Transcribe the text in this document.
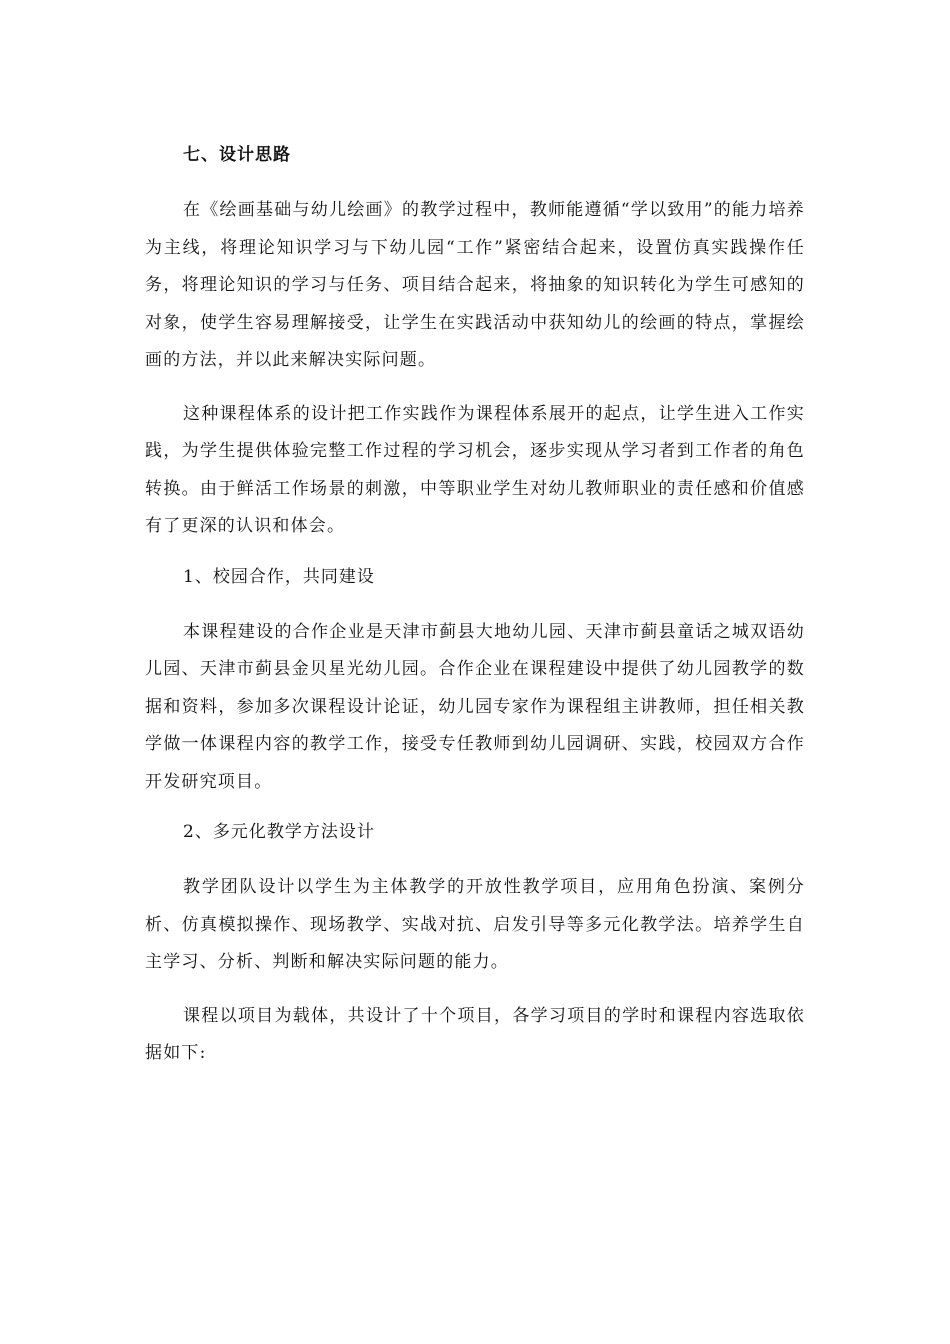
七、设计思路

在《绘画基础与幼儿绘画》的教学过程中，教师能遵循“学以致用”的能力培养为主线，将理论知识学习与下幼儿园“工作”紧密结合起来，设置仿真实践操作任务，将理论知识的学习与任务、项目结合起来，将抽象的知识转化为学生可感知的对象，使学生容易理解接受，让学生在实践活动中获知幼儿的绘画的特点，掌握绘画的方法，并以此来解决实际问题。

这种课程体系的设计把工作实践作为课程体系展开的起点，让学生进入工作实践，为学生提供体验完整工作过程的学习机会，逐步实现从学习者到工作者的角色转换。由于鲜活工作场景的刺激，中等职业学生对幼儿教师职业的责任感和价值感有了更深的认识和体会。

1、校园合作，共同建设

本课程建设的合作企业是天津市蓟县大地幼儿园、天津市蓟县童话之城双语幼儿园、天津市蓟县金贝星光幼儿园。合作企业在课程建设中提供了幼儿园教学的数据和资料，参加多次课程设计论证，幼儿园专家作为课程组主讲教师，担任相关教学做一体课程内容的教学工作，接受专任教师到幼儿园调研、实践，校园双方合作开发研究项目。

2、多元化教学方法设计

教学团队设计以学生为主体教学的开放性教学项目，应用角色扮演、案例分析、仿真模拟操作、现场教学、实战对抗、启发引导等多元化教学法。培养学生自主学习、分析、判断和解决实际问题的能力。

课程以项目为载体，共设计了十个项目，各学习项目的学时和课程内容选取依据如下:
